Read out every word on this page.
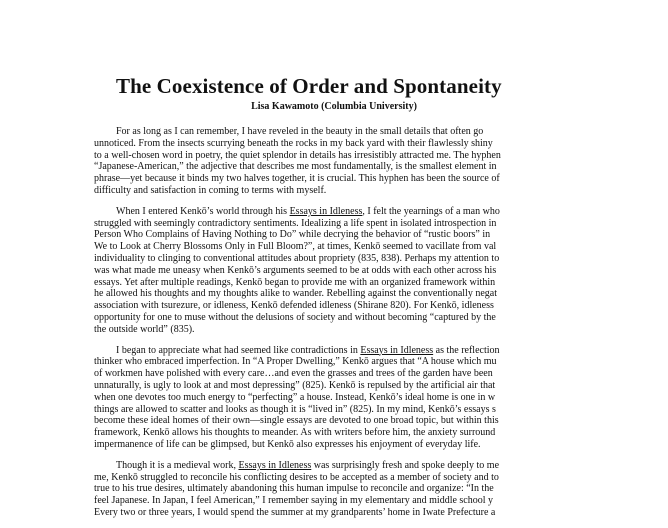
The Coexistence of Order and Spontaneity
Lisa Kawamoto (Columbia University)
For as long as I can remember, I have reveled in the beauty in the small details that often go
unnoticed. From the insects scurrying beneath the rocks in my back yard with their flawlessly shiny
to a well-chosen word in poetry, the quiet splendor in details has irresistibly attracted me. The hyphen
“Japanese-American,” the adjective that describes me most fundamentally, is the smallest element in
phrase—yet because it binds my two halves together, it is crucial. This hyphen has been the source of
difficulty and satisfaction in coming to terms with myself.
When I entered Kenkō’s world through his Essays in Idleness, I felt the yearnings of a man who
struggled with seemingly contradictory sentiments. Idealizing a life spent in isolated introspection in
Person Who Complains of Having Nothing to Do” while decrying the behavior of “rustic boors” in
We to Look at Cherry Blossoms Only in Full Bloom?”, at times, Kenkō seemed to vacillate from val
individuality to clinging to conventional attitudes about propriety (835, 838). Perhaps my attention to
was what made me uneasy when Kenkō’s arguments seemed to be at odds with each other across his
essays. Yet after multiple readings, Kenkō began to provide me with an organized framework within
he allowed his thoughts and my thoughts alike to wander. Rebelling against the conventionally negat
association with tsurezure, or idleness, Kenkō defended idleness (Shirane 820). For Kenkō, idleness
opportunity for one to muse without the delusions of society and without becoming “captured by the
the outside world” (835).
I began to appreciate what had seemed like contradictions in Essays in Idleness as the reflection
thinker who embraced imperfection. In “A Proper Dwelling,” Kenkō argues that “A house which mu
of workmen have polished with every care…and even the grasses and trees of the garden have been
unnaturally, is ugly to look at and most depressing” (825). Kenkō is repulsed by the artificial air that
when one devotes too much energy to “perfecting” a house. Instead, Kenkō’s ideal home is one in w
things are allowed to scatter and looks as though it is “lived in” (825). In my mind, Kenkō’s essays s
become these ideal homes of their own—single essays are devoted to one broad topic, but within this
framework, Kenkō allows his thoughts to meander. As with writers before him, the anxiety surround
impermanence of life can be glimpsed, but Kenkō also expresses his enjoyment of everyday life.
Though it is a medieval work, Essays in Idleness was surprisingly fresh and spoke deeply to me
me, Kenkō struggled to reconcile his conflicting desires to be accepted as a member of society and to
true to his true desires, ultimately abandoning this human impulse to reconcile and organize: “In the
feel Japanese. In Japan, I feel American,” I remember saying in my elementary and middle school y
Every two or three years, I would spend the summer at my grandparents’ home in Iwate Prefecture a
